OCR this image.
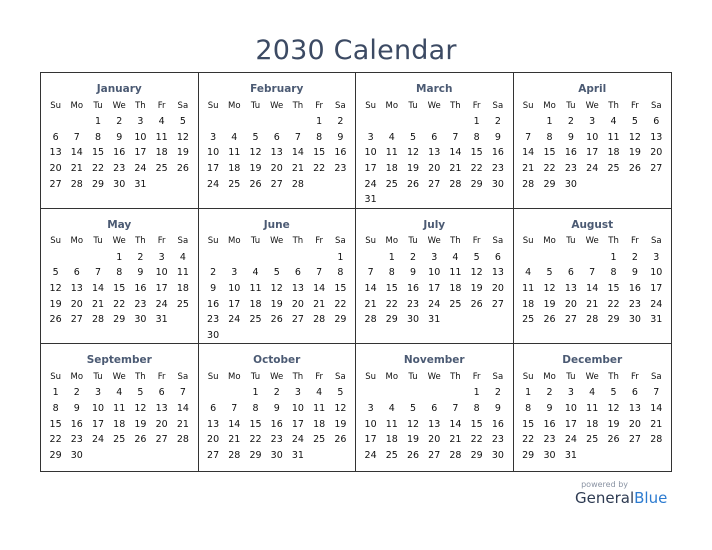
2030 Calendar
January
Su	Mo	Tu	We	Th	Fr	Sa
		1	2	3	4	5
6	7	8	9	10	11	12
13	14	15	16	17	18	19
20	21	22	23	24	25	26
27	28	29	30	31		
February
Su	Mo	Tu	We	Th	Fr	Sa
					1	2
3	4	5	6	7	8	9
10	11	12	13	14	15	16
17	18	19	20	21	22	23
24	25	26	27	28		
March
Su	Mo	Tu	We	Th	Fr	Sa
					1	2
3	4	5	6	7	8	9
10	11	12	13	14	15	16
17	18	19	20	21	22	23
24	25	26	27	28	29	30
31						
April
Su	Mo	Tu	We	Th	Fr	Sa
	1	2	3	4	5	6
7	8	9	10	11	12	13
14	15	16	17	18	19	20
21	22	23	24	25	26	27
28	29	30				
May
Su	Mo	Tu	We	Th	Fr	Sa
			1	2	3	4
5	6	7	8	9	10	11
12	13	14	15	16	17	18
19	20	21	22	23	24	25
26	27	28	29	30	31	
June
Su	Mo	Tu	We	Th	Fr	Sa
						1
2	3	4	5	6	7	8
9	10	11	12	13	14	15
16	17	18	19	20	21	22
23	24	25	26	27	28	29
30						
July
Su	Mo	Tu	We	Th	Fr	Sa
	1	2	3	4	5	6
7	8	9	10	11	12	13
14	15	16	17	18	19	20
21	22	23	24	25	26	27
28	29	30	31			
August
Su	Mo	Tu	We	Th	Fr	Sa
				1	2	3
4	5	6	7	8	9	10
11	12	13	14	15	16	17
18	19	20	21	22	23	24
25	26	27	28	29	30	31
September
Su	Mo	Tu	We	Th	Fr	Sa
1	2	3	4	5	6	7
8	9	10	11	12	13	14
15	16	17	18	19	20	21
22	23	24	25	26	27	28
29	30					
October
Su	Mo	Tu	We	Th	Fr	Sa
		1	2	3	4	5
6	7	8	9	10	11	12
13	14	15	16	17	18	19
20	21	22	23	24	25	26
27	28	29	30	31		
November
Su	Mo	Tu	We	Th	Fr	Sa
					1	2
3	4	5	6	7	8	9
10	11	12	13	14	15	16
17	18	19	20	21	22	23
24	25	26	27	28	29	30
December
Su	Mo	Tu	We	Th	Fr	Sa
1	2	3	4	5	6	7
8	9	10	11	12	13	14
15	16	17	18	19	20	21
22	23	24	25	26	27	28
29	30	31				
powered by
GeneralBlue
